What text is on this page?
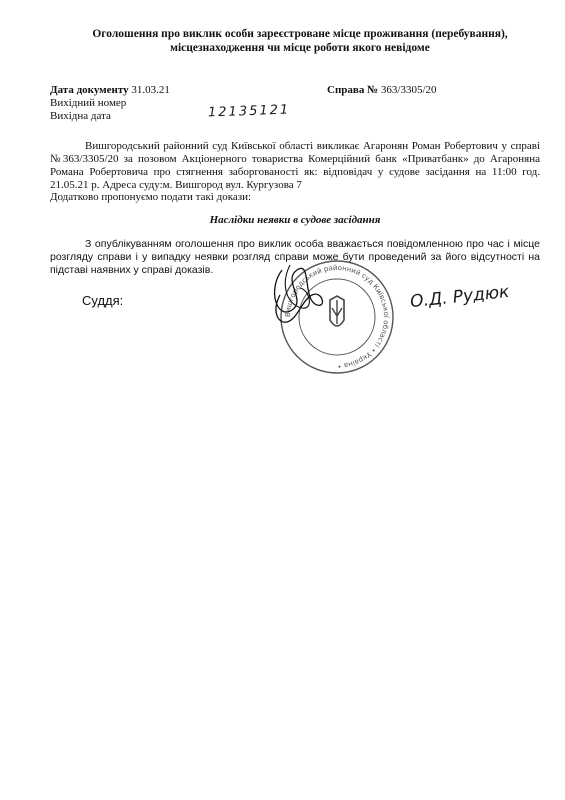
Оголошення про виклик особи зареєстроване місце проживання (перебування),
місцезнаходження чи місце роботи якого невідоме
Дата документу 31.03.21	Справа № 363/3305/20
Вихідний номер
Вихідна дата	12135121
Вишгородський районний суд Київської області викликає Агаронян Роман Робертович у справі №363/3305/20 за позовом Акціонерного товариства Комерційний банк «Приватбанк» до Агароняна Романа Робертовича про стягнення заборгованості як: відповідач у судове засідання на 11:00 год. 21.05.21 р. Адреса суду:м. Вишгород вул. Кургузова 7
Додатково пропонуємо подати такі докази:
Наслідки неявки в судове засідання
З опублікуванням оголошення про виклик особа вважається повідомленною про час і місце розгляду справи і у випадку неявки розгляд справи може бути проведений за його відсутності на підставі наявних у справі доказів.
Суддя:
Вишгородський районний суд Київської області • Україна •
О.Д. Рудюк
